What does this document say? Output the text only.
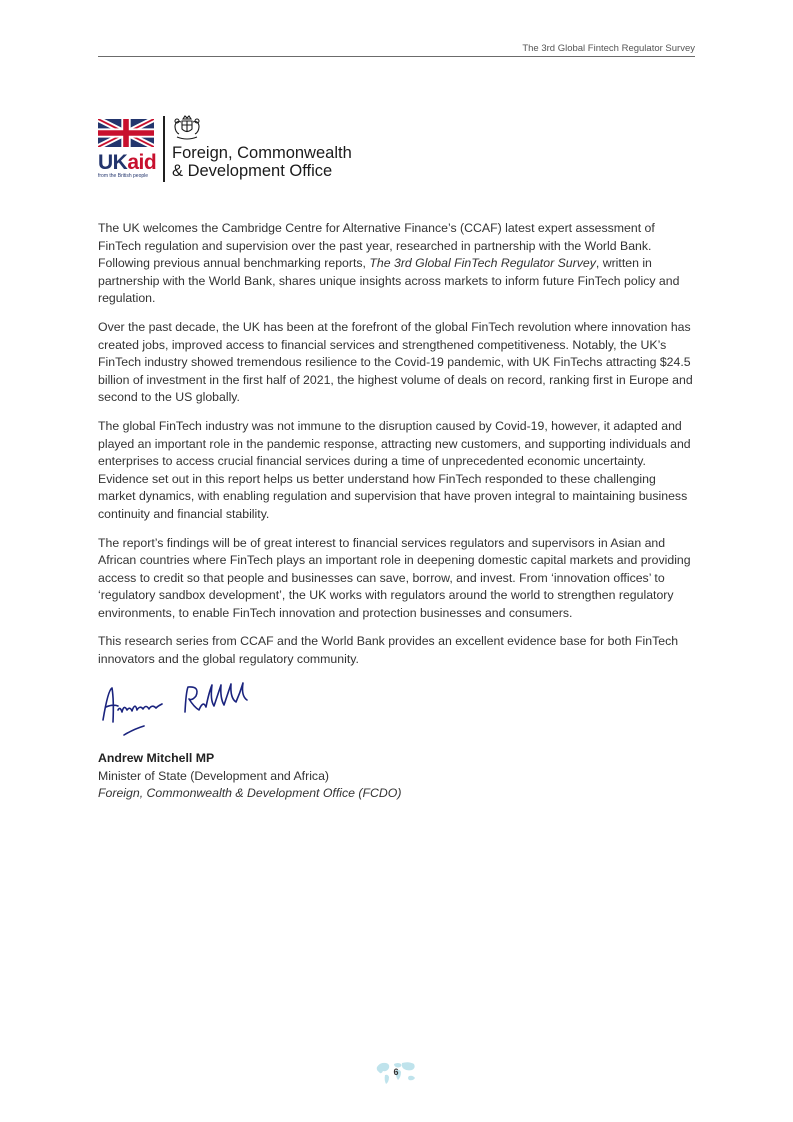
The 3rd Global Fintech Regulator Survey
UKaid
from the British people
Foreign, Commonwealth
& Development Office

The UK welcomes the Cambridge Centre for Alternative Finance’s (CCAF) latest expert assessment of FinTech regulation and supervision over the past year, researched in partnership with the World Bank. Following previous annual benchmarking reports, The 3rd Global FinTech Regulator Survey, written in partnership with the World Bank, shares unique insights across markets to inform future FinTech policy and regulation.

Over the past decade, the UK has been at the forefront of the global FinTech revolution where innovation has created jobs, improved access to financial services and strengthened competitiveness. Notably, the UK’s FinTech industry showed tremendous resilience to the Covid-19 pandemic, with UK FinTechs attracting $24.5 billion of investment in the first half of 2021, the highest volume of deals on record, ranking first in Europe and second to the US globally.

The global FinTech industry was not immune to the disruption caused by Covid-19, however, it adapted and played an important role in the pandemic response, attracting new customers, and supporting individuals and enterprises to access crucial financial services during a time of unprecedented economic uncertainty. Evidence set out in this report helps us better understand how FinTech responded to these challenging market dynamics, with enabling regulation and supervision that have proven integral to maintaining business continuity and financial stability.

The report’s findings will be of great interest to financial services regulators and supervisors in Asian and African countries where FinTech plays an important role in deepening domestic capital markets and providing access to credit so that people and businesses can save, borrow, and invest. From ‘innovation offices’ to ‘regulatory sandbox development’, the UK works with regulators around the world to strengthen regulatory environments, to enable FinTech innovation and protection businesses and consumers.

This research series from CCAF and the World Bank provides an excellent evidence base for both FinTech innovators and the global regulatory community.

Andrew Mitchell MP
Minister of State (Development and Africa)
Foreign, Commonwealth & Development Office (FCDO)
6
